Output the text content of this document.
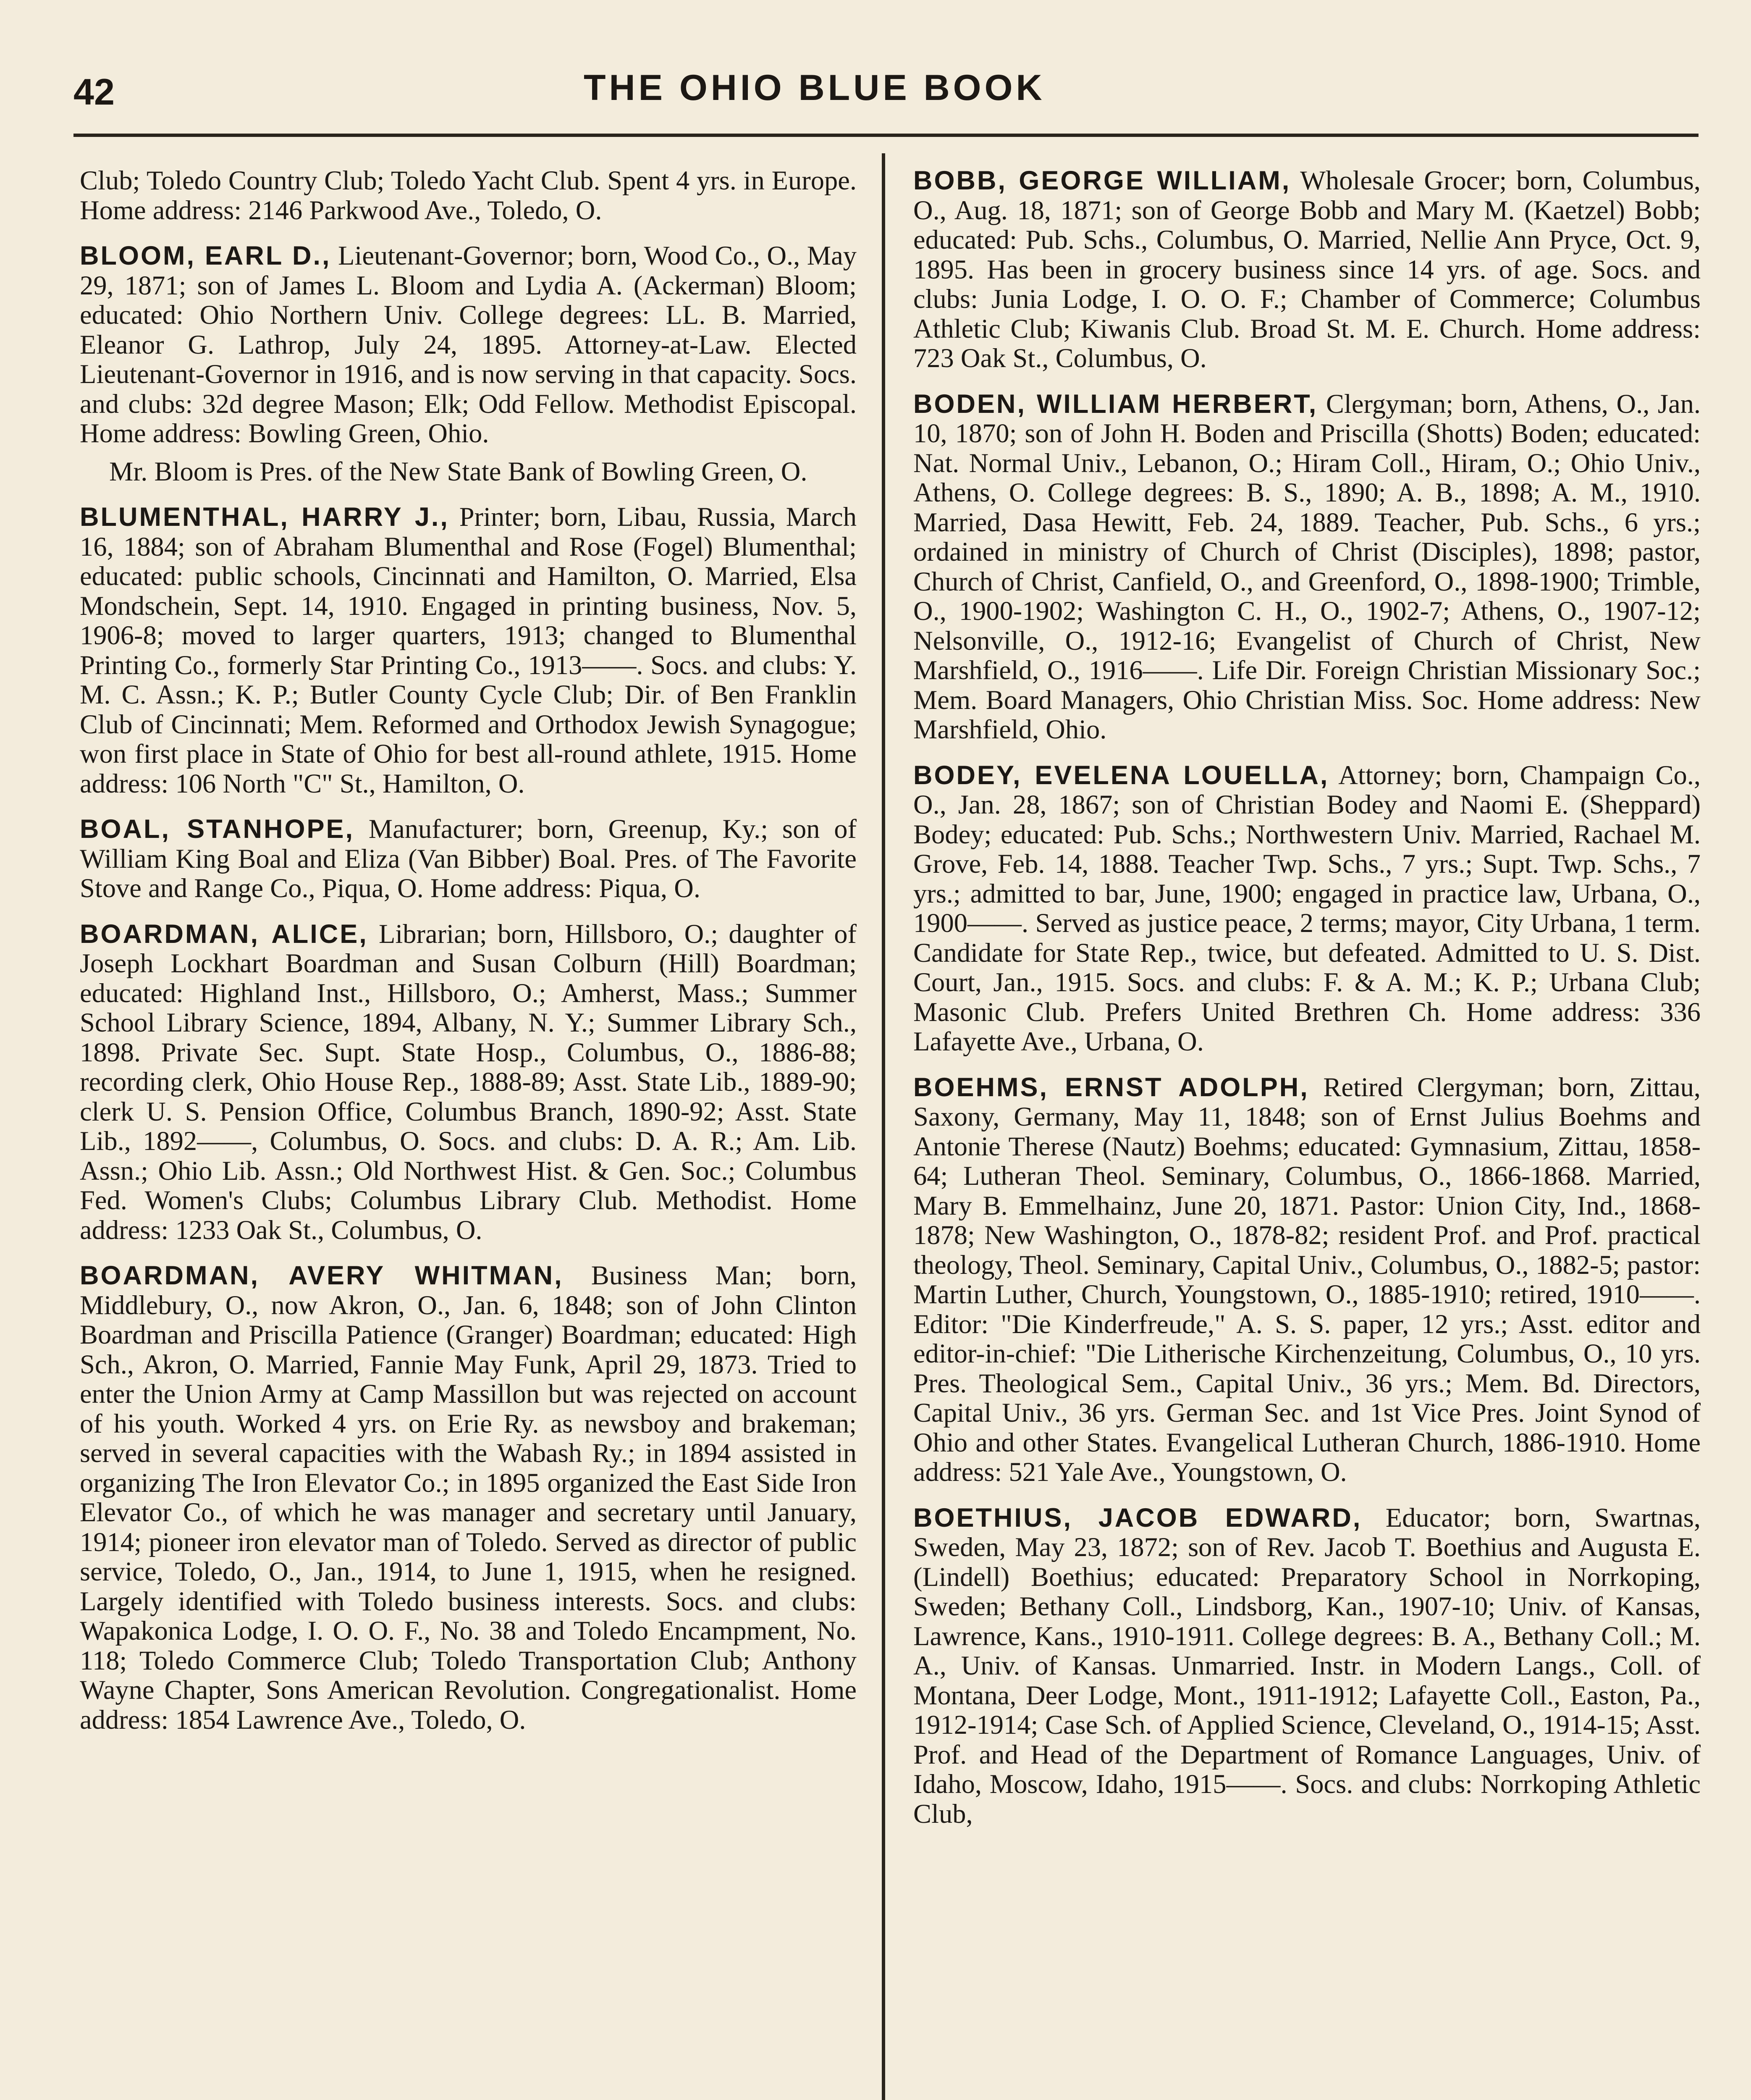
42	THE OHIO BLUE BOOK

Club; Toledo Country Club; Toledo Yacht Club. Spent 4 yrs. in Europe. Home address: 2146 Parkwood Ave., Toledo, O.

BLOOM, EARL D., Lieutenant-Governor; born, Wood Co., O., May 29, 1871; son of James L. Bloom and Lydia A. (Ackerman) Bloom; educated: Ohio Northern Univ. College degrees: LL. B. Married, Eleanor G. Lathrop, July 24, 1895. Attorney-at-Law. Elected Lieutenant-Governor in 1916, and is now serving in that capacity. Socs. and clubs: 32d degree Mason; Elk; Odd Fellow. Methodist Episcopal. Home address: Bowling Green, Ohio.

Mr. Bloom is Pres. of the New State Bank of Bowling Green, O.

BLUMENTHAL, HARRY J., Printer; born, Libau, Russia, March 16, 1884; son of Abraham Blumenthal and Rose (Fogel) Blumenthal; educated: public schools, Cincinnati and Hamilton, O. Married, Elsa Mondschein, Sept. 14, 1910. Engaged in printing business, Nov. 5, 1906-8; moved to larger quarters, 1913; changed to Blumenthal Printing Co., formerly Star Printing Co., 1913——. Socs. and clubs: Y. M. C. Assn.; K. P.; Butler County Cycle Club; Dir. of Ben Franklin Club of Cincinnati; Mem. Reformed and Orthodox Jewish Synagogue; won first place in State of Ohio for best all-round athlete, 1915. Home address: 106 North "C" St., Hamilton, O.

BOAL, STANHOPE, Manufacturer; born, Greenup, Ky.; son of William King Boal and Eliza (Van Bibber) Boal. Pres. of The Favorite Stove and Range Co., Piqua, O. Home address: Piqua, O.

BOARDMAN, ALICE, Librarian; born, Hillsboro, O.; daughter of Joseph Lockhart Boardman and Susan Colburn (Hill) Boardman; educated: Highland Inst., Hillsboro, O.; Amherst, Mass.; Summer School Library Science, 1894, Albany, N. Y.; Summer Library Sch., 1898. Private Sec. Supt. State Hosp., Columbus, O., 1886-88; recording clerk, Ohio House Rep., 1888-89; Asst. State Lib., 1889-90; clerk U. S. Pension Office, Columbus Branch, 1890-92; Asst. State Lib., 1892——, Columbus, O. Socs. and clubs: D. A. R.; Am. Lib. Assn.; Ohio Lib. Assn.; Old Northwest Hist. & Gen. Soc.; Columbus Fed. Women's Clubs; Columbus Library Club. Methodist. Home address: 1233 Oak St., Columbus, O.

BOARDMAN, AVERY WHITMAN, Business Man; born, Middlebury, O., now Akron, O., Jan. 6, 1848; son of John Clinton Boardman and Priscilla Patience (Granger) Boardman; educated: High Sch., Akron, O. Married, Fannie May Funk, April 29, 1873. Tried to enter the Union Army at Camp Massillon but was rejected on account of his youth. Worked 4 yrs. on Erie Ry. as newsboy and brakeman; served in several capacities with the Wabash Ry.; in 1894 assisted in organizing The Iron Elevator Co.; in 1895 organized the East Side Iron Elevator Co., of which he was manager and secretary until January, 1914; pioneer iron elevator man of Toledo. Served as director of public service, Toledo, O., Jan., 1914, to June 1, 1915, when he resigned. Largely identified with Toledo business interests. Socs. and clubs: Wapakonica Lodge, I. O. O. F., No. 38 and Toledo Encampment, No. 118; Toledo Commerce Club; Toledo Transportation Club; Anthony Wayne Chapter, Sons American Revolution. Congregationalist. Home address: 1854 Lawrence Ave., Toledo, O.

BOBB, GEORGE WILLIAM, Wholesale Grocer; born, Columbus, O., Aug. 18, 1871; son of George Bobb and Mary M. (Kaetzel) Bobb; educated: Pub. Schs., Columbus, O. Married, Nellie Ann Pryce, Oct. 9, 1895. Has been in grocery business since 14 yrs. of age. Socs. and clubs: Junia Lodge, I. O. O. F.; Chamber of Commerce; Columbus Athletic Club; Kiwanis Club. Broad St. M. E. Church. Home address: 723 Oak St., Columbus, O.

BODEN, WILLIAM HERBERT, Clergyman; born, Athens, O., Jan. 10, 1870; son of John H. Boden and Priscilla (Shotts) Boden; educated: Nat. Normal Univ., Lebanon, O.; Hiram Coll., Hiram, O.; Ohio Univ., Athens, O. College degrees: B. S., 1890; A. B., 1898; A. M., 1910. Married, Dasa Hewitt, Feb. 24, 1889. Teacher, Pub. Schs., 6 yrs.; ordained in ministry of Church of Christ (Disciples), 1898; pastor, Church of Christ, Canfield, O., and Greenford, O., 1898-1900; Trimble, O., 1900-1902; Washington C. H., O., 1902-7; Athens, O., 1907-12; Nelsonville, O., 1912-16; Evangelist of Church of Christ, New Marshfield, O., 1916——. Life Dir. Foreign Christian Missionary Soc.; Mem. Board Managers, Ohio Christian Miss. Soc. Home address: New Marshfield, Ohio.

BODEY, EVELENA LOUELLA, Attorney; born, Champaign Co., O., Jan. 28, 1867; son of Christian Bodey and Naomi E. (Sheppard) Bodey; educated: Pub. Schs.; Northwestern Univ. Married, Rachael M. Grove, Feb. 14, 1888. Teacher Twp. Schs., 7 yrs.; Supt. Twp. Schs., 7 yrs.; admitted to bar, June, 1900; engaged in practice law, Urbana, O., 1900——. Served as justice peace, 2 terms; mayor, City Urbana, 1 term. Candidate for State Rep., twice, but defeated. Admitted to U. S. Dist. Court, Jan., 1915. Socs. and clubs: F. & A. M.; K. P.; Urbana Club; Masonic Club. Prefers United Brethren Ch. Home address: 336 Lafayette Ave., Urbana, O.

BOEHMS, ERNST ADOLPH, Retired Clergyman; born, Zittau, Saxony, Germany, May 11, 1848; son of Ernst Julius Boehms and Antonie Therese (Nautz) Boehms; educated: Gymnasium, Zittau, 1858-64; Lutheran Theol. Seminary, Columbus, O., 1866-1868. Married, Mary B. Emmelhainz, June 20, 1871. Pastor: Union City, Ind., 1868-1878; New Washington, O., 1878-82; resident Prof. and Prof. practical theology, Theol. Seminary, Capital Univ., Columbus, O., 1882-5; pastor: Martin Luther, Church, Youngstown, O., 1885-1910; retired, 1910——. Editor: "Die Kinderfreude," A. S. S. paper, 12 yrs.; Asst. editor and editor-in-chief: "Die Litherische Kirchenzeitung, Columbus, O., 10 yrs. Pres. Theological Sem., Capital Univ., 36 yrs.; Mem. Bd. Directors, Capital Univ., 36 yrs. German Sec. and 1st Vice Pres. Joint Synod of Ohio and other States. Evangelical Lutheran Church, 1886-1910. Home address: 521 Yale Ave., Youngstown, O.

BOETHIUS, JACOB EDWARD, Educator; born, Swartnas, Sweden, May 23, 1872; son of Rev. Jacob T. Boethius and Augusta E. (Lindell) Boethius; educated: Preparatory School in Norrkoping, Sweden; Bethany Coll., Lindsborg, Kan., 1907-10; Univ. of Kansas, Lawrence, Kans., 1910-1911. College degrees: B. A., Bethany Coll.; M. A., Univ. of Kansas. Unmarried. Instr. in Modern Langs., Coll. of Montana, Deer Lodge, Mont., 1911-1912; Lafayette Coll., Easton, Pa., 1912-1914; Case Sch. of Applied Science, Cleveland, O., 1914-15; Asst. Prof. and Head of the Department of Romance Languages, Univ. of Idaho, Moscow, Idaho, 1915——. Socs. and clubs: Norrkoping Athletic Club,
